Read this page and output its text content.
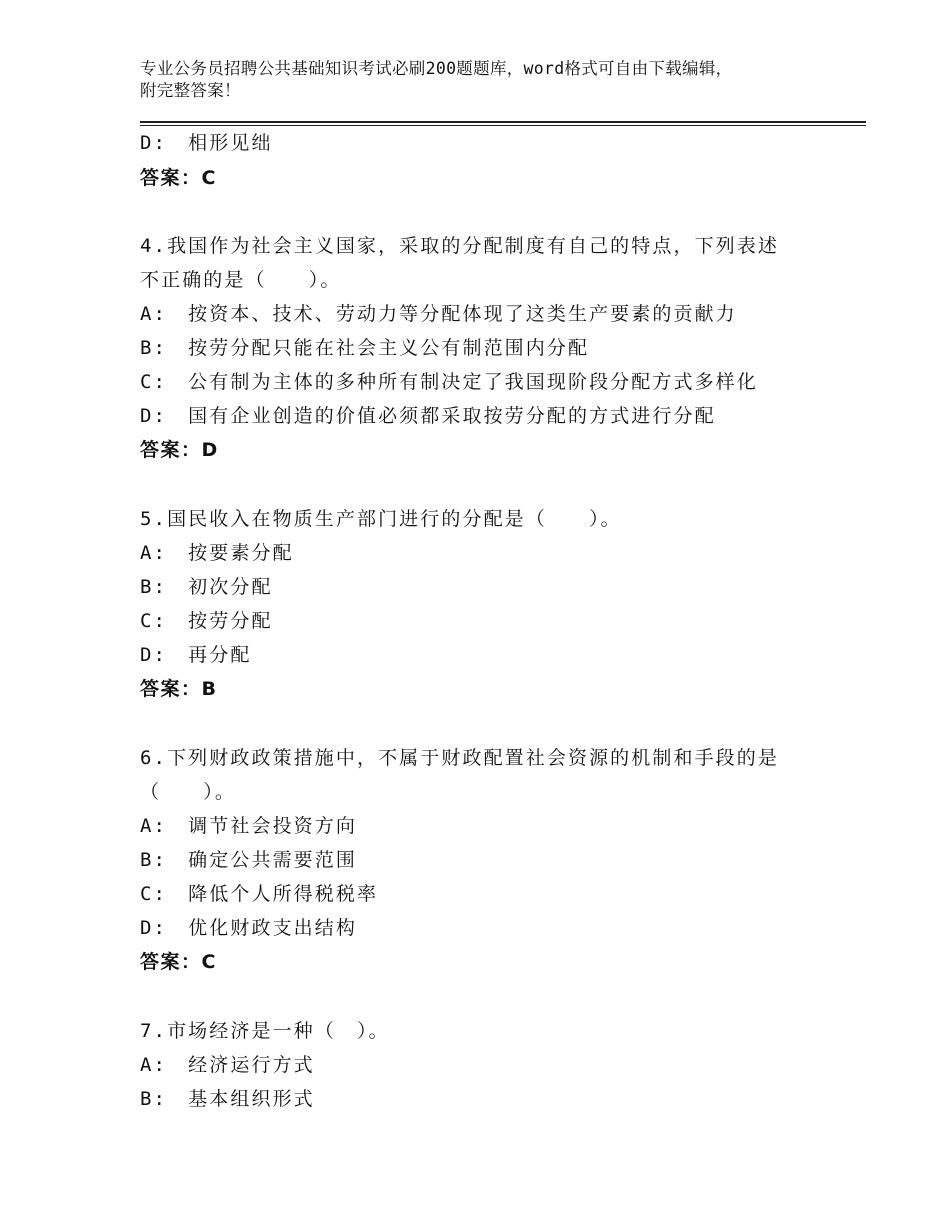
专业公务员招聘公共基础知识考试必刷200题题库，word格式可自由下载编辑，
附完整答案！
D:　相形见绌
答案：C
4.我国作为社会主义国家，采取的分配制度有自己的特点，下列表述
不正确的是（　　）。
A:　按资本、技术、劳动力等分配体现了这类生产要素的贡献力
B:　按劳分配只能在社会主义公有制范围内分配
C:　公有制为主体的多种所有制决定了我国现阶段分配方式多样化
D:　国有企业创造的价值必须都采取按劳分配的方式进行分配
答案：D
5.国民收入在物质生产部门进行的分配是（　　）。
A:　按要素分配
B:　初次分配
C:　按劳分配
D:　再分配
答案：B
6.下列财政政策措施中，不属于财政配置社会资源的机制和手段的是
（　　）。
A:　调节社会投资方向
B:　确定公共需要范围
C:　降低个人所得税税率
D:　优化财政支出结构
答案：C
7.市场经济是一种（　）。
A:　经济运行方式
B:　基本组织形式
